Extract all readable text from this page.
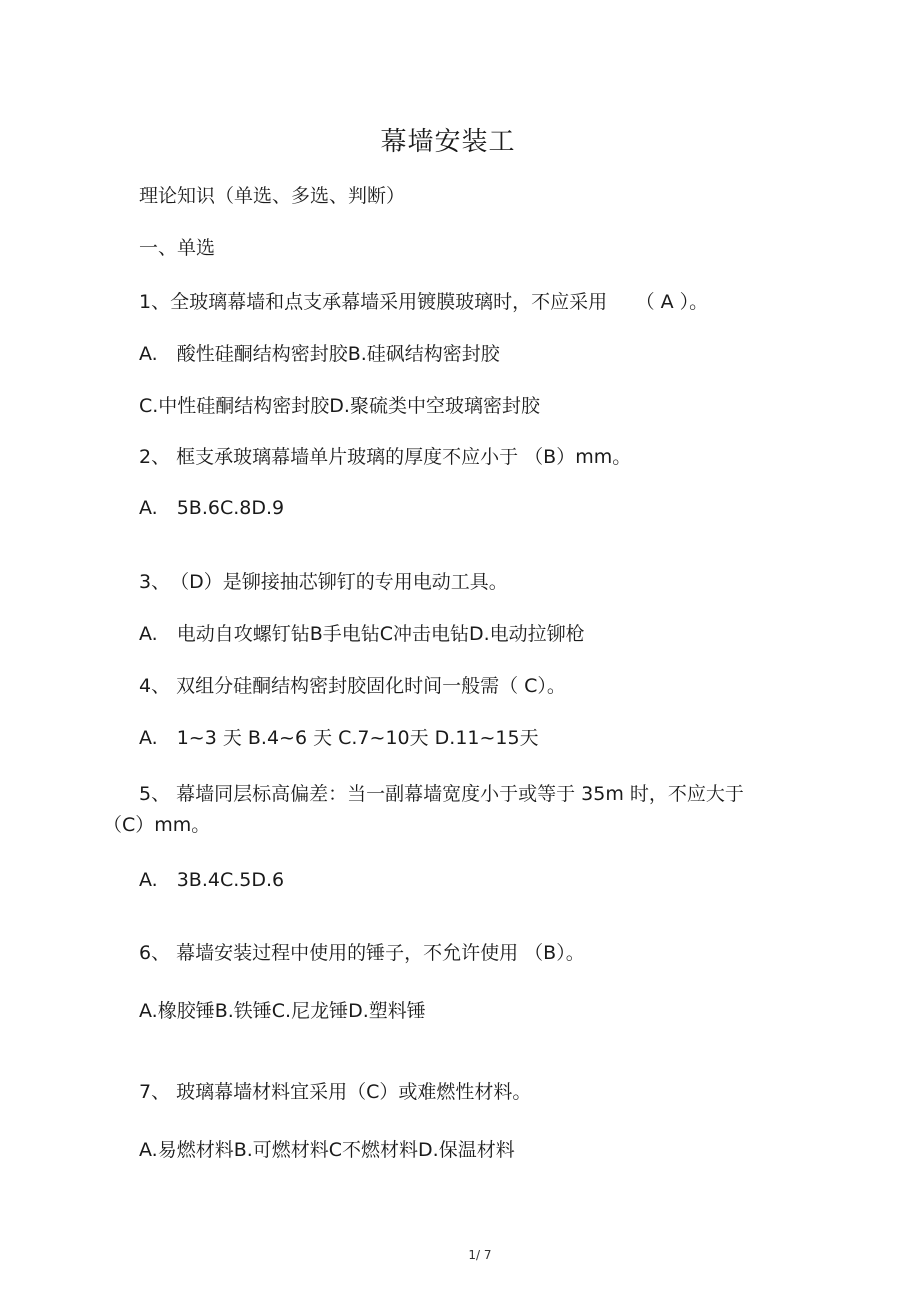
幕墙安装工
理论知识（单选、多选、判断）
一、单选
1、全玻璃幕墙和点支承幕墙采用镀膜玻璃时，不应采用　　（ A ）。
A.　酸性硅酮结构密封胶B.硅砜结构密封胶
C.中性硅酮结构密封胶D.聚硫类中空玻璃密封胶
2、 框支承玻璃幕墙单片玻璃的厚度不应小于 （B）mm。
A.　5B.6C.8D.9
3、　（D）是铆接抽芯铆钉的专用电动工具。
A.　电动自攻螺钉钻B手电钻C冲击电钻D.电动拉铆枪
4、 双组分硅酮结构密封胶固化时间一般需（ C）。
A.　1~3 天 B.4~6 天 C.7~10天 D.11~15天
5、 幕墙同层标高偏差：当一副幕墙宽度小于或等于 35m 时，不应大于
（C）mm。
A.　3B.4C.5D.6
6、 幕墙安装过程中使用的锤子，不允许使用 （B）。
A.橡胶锤B.铁锤C.尼龙锤D.塑料锤
7、 玻璃幕墙材料宜采用（C）或难燃性材料。
A.易燃材料B.可燃材料C不燃材料D.保温材料
1/ 7
